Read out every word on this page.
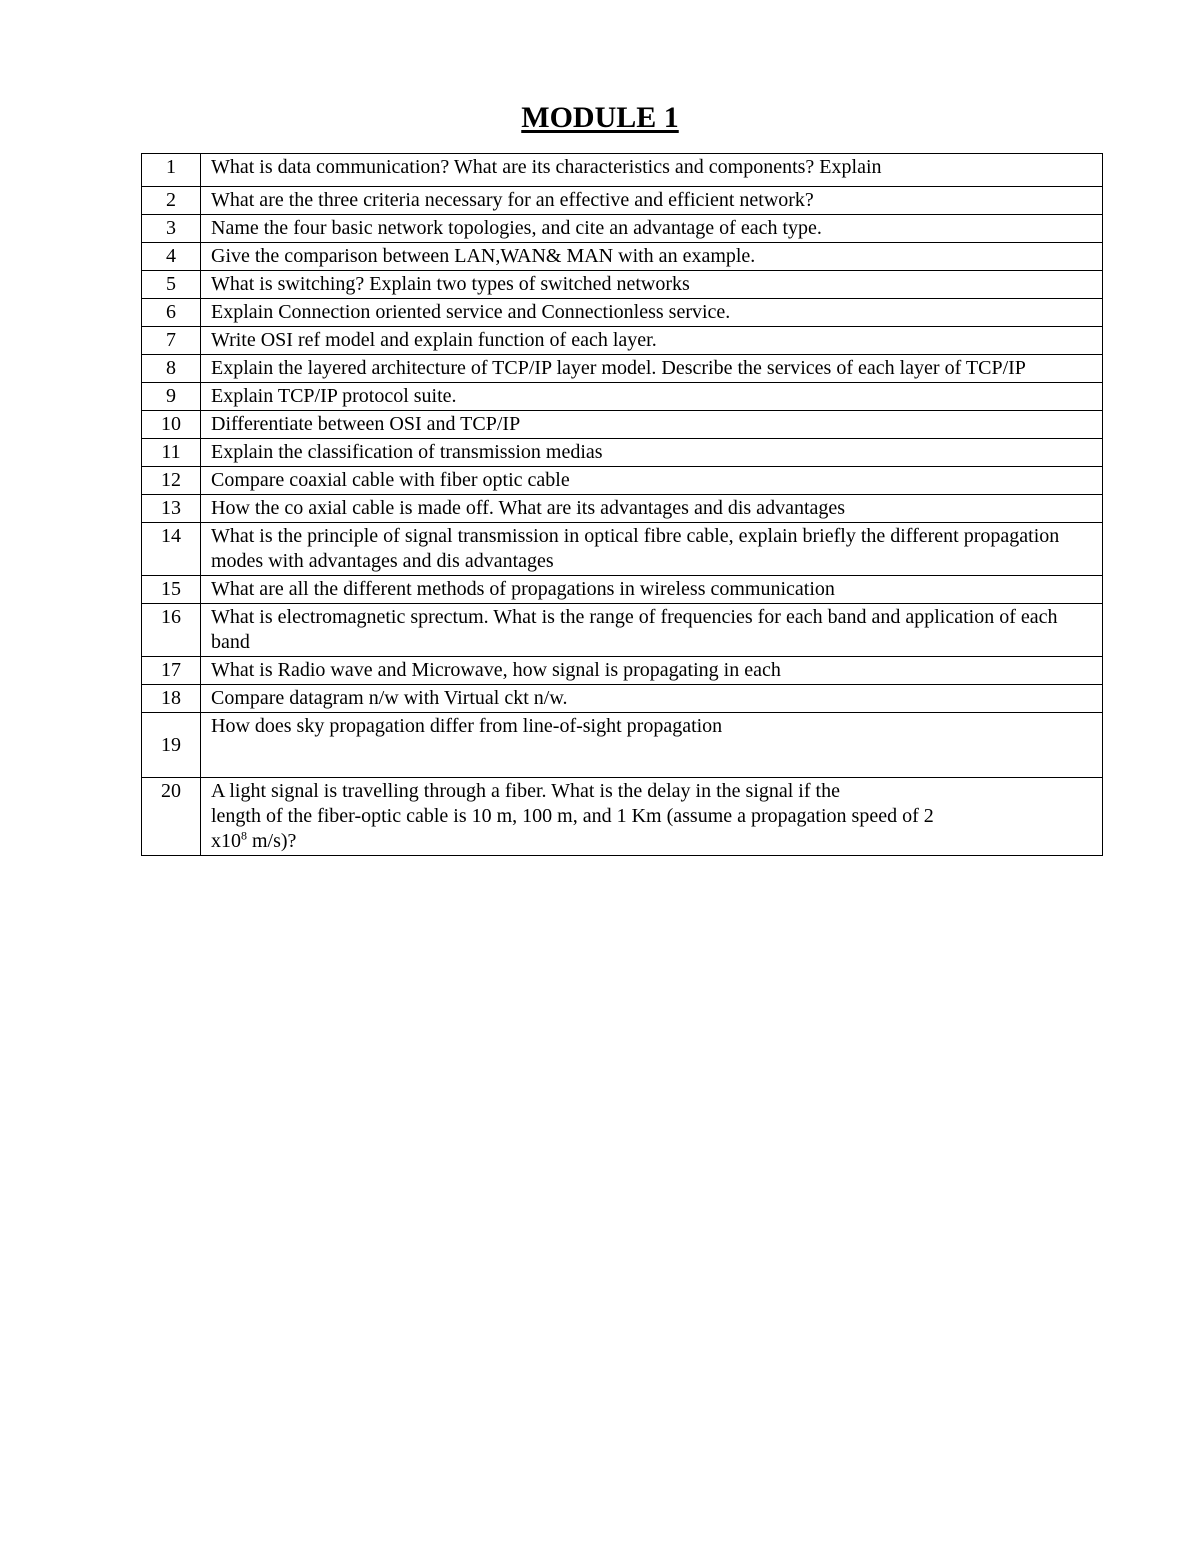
MODULE 1
1	What is data communication? What are its characteristics and components? Explain
2	What are the three criteria necessary for an effective and efficient network?
3	Name the four basic network topologies, and cite an advantage of each type.
4	Give the comparison between LAN,WAN& MAN with an example.
5	What is switching? Explain two types of switched networks
6	Explain Connection oriented service and Connectionless service.
7	Write OSI ref model and explain function of each layer.
8	Explain the layered architecture of TCP/IP layer model. Describe the services of each layer of TCP/IP
9	Explain TCP/IP protocol suite.
10	Differentiate between OSI and TCP/IP
11	Explain the classification of transmission medias
12	Compare coaxial cable with fiber optic cable
13	How the co axial cable is made off. What are its advantages and dis advantages
14	What is the principle of signal transmission in optical fibre cable, explain briefly the different propagation modes with advantages and dis advantages
15	What are all the different methods of propagations in wireless communication
16	What is electromagnetic sprectum. What is the range of frequencies for each band and application of each band
17	What is Radio wave and Microwave, how signal is propagating in each
18	Compare datagram n/w with Virtual ckt n/w.
19	How does sky propagation differ from line-of-sight propagation
20	A light signal is travelling through a fiber. What is the delay in the signal if the
length of the fiber-optic cable is 10 m, 100 m, and 1 Km (assume a propagation speed of 2
$x10^8$ m/s)?
